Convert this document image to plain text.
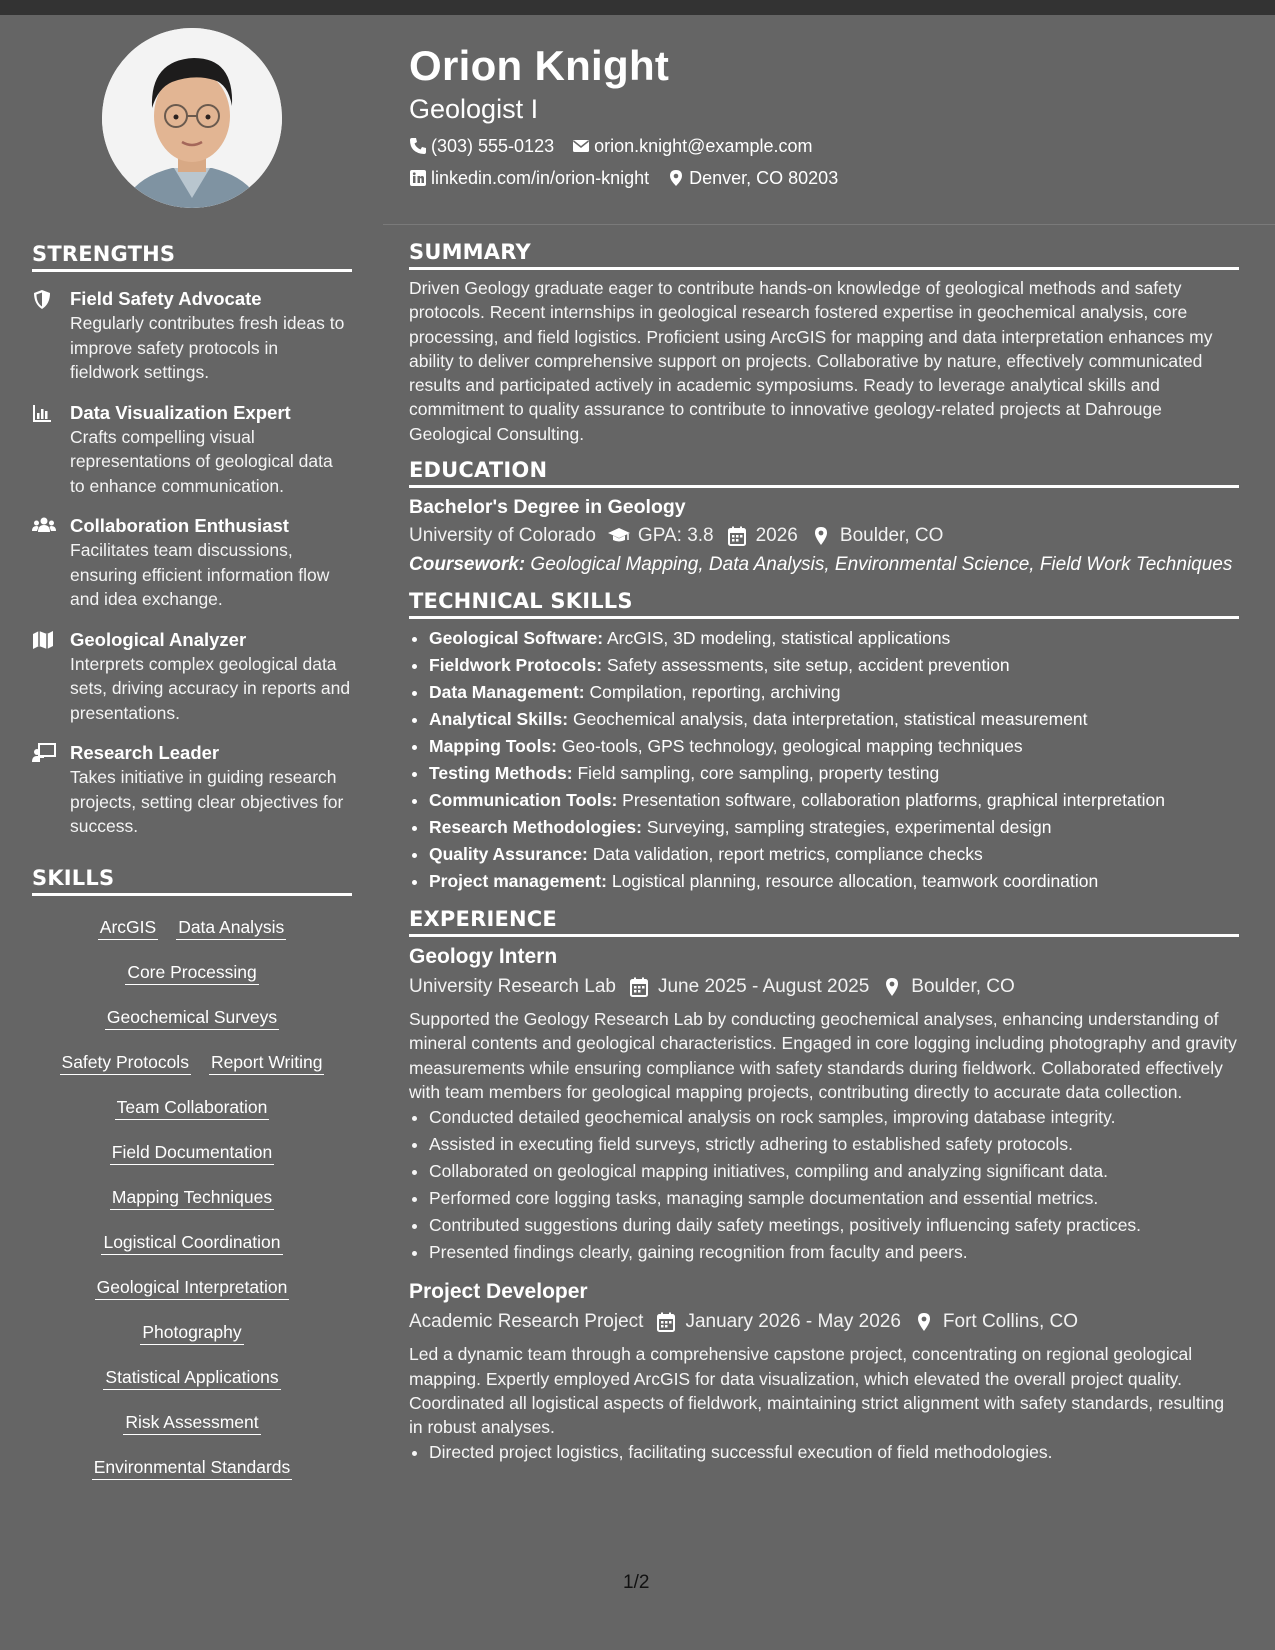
STRENGTHS
Field Safety Advocate
Regularly contributes fresh ideas to improve safety protocols in fieldwork settings.
Data Visualization Expert
Crafts compelling visual representations of geological data to enhance communication.
Collaboration Enthusiast
Facilitates team discussions, ensuring efficient information flow and idea exchange.
Geological Analyzer
Interprets complex geological data sets, driving accuracy in reports and presentations.
Research Leader
Takes initiative in guiding research projects, setting clear objectives for success.
SKILLS
ArcGIS Data Analysis
Core Processing
Geochemical Surveys
Safety Protocols Report Writing
Team Collaboration
Field Documentation
Mapping Techniques
Logistical Coordination
Geological Interpretation
Photography
Statistical Applications
Risk Assessment
Environmental Standards
Orion Knight
Geologist I
(303) 555-0123 orion.knight@example.com
linkedin.com/in/orion-knight Denver, CO 80203
SUMMARY

Driven Geology graduate eager to contribute hands-on knowledge of geological methods and safety protocols. Recent internships in geological research fostered expertise in geochemical analysis, core processing, and field logistics. Proficient using ArcGIS for mapping and data interpretation enhances my ability to deliver comprehensive support on projects. Collaborative by nature, effectively communicated results and participated actively in academic symposiums. Ready to leverage analytical skills and commitment to quality assurance to contribute to innovative geology-related projects at Dahrouge Geological Consulting.

EDUCATION
Bachelor's Degree in Geology
University of Colorado GPA: 3.8 2026 Boulder, CO
Coursework: Geological Mapping, Data Analysis, Environmental Science, Field Work Techniques
TECHNICAL SKILLS
• Geological Software: ArcGIS, 3D modeling, statistical applications
• Fieldwork Protocols: Safety assessments, site setup, accident prevention
• Data Management: Compilation, reporting, archiving
• Analytical Skills: Geochemical analysis, data interpretation, statistical measurement
• Mapping Tools: Geo-tools, GPS technology, geological mapping techniques
• Testing Methods: Field sampling, core sampling, property testing
• Communication Tools: Presentation software, collaboration platforms, graphical interpretation
• Research Methodologies: Surveying, sampling strategies, experimental design
• Quality Assurance: Data validation, report metrics, compliance checks
• Project management: Logistical planning, resource allocation, teamwork coordination
EXPERIENCE
Geology Intern
University Research Lab June 2025 - August 2025 Boulder, CO

Supported the Geology Research Lab by conducting geochemical analyses, enhancing understanding of mineral contents and geological characteristics. Engaged in core logging including photography and gravity measurements while ensuring compliance with safety standards during fieldwork. Collaborated effectively with team members for geological mapping projects, contributing directly to accurate data collection.

• Conducted detailed geochemical analysis on rock samples, improving database integrity.
• Assisted in executing field surveys, strictly adhering to established safety protocols.
• Collaborated on geological mapping initiatives, compiling and analyzing significant data.
• Performed core logging tasks, managing sample documentation and essential metrics.
• Contributed suggestions during daily safety meetings, positively influencing safety practices.
• Presented findings clearly, gaining recognition from faculty and peers.
Project Developer
Academic Research Project January 2026 - May 2026 Fort Collins, CO

Led a dynamic team through a comprehensive capstone project, concentrating on regional geological mapping. Expertly employed ArcGIS for data visualization, which elevated the overall project quality. Coordinated all logistical aspects of fieldwork, maintaining strict alignment with safety standards, resulting in robust analyses.

• Directed project logistics, facilitating successful execution of field methodologies.
1/2
